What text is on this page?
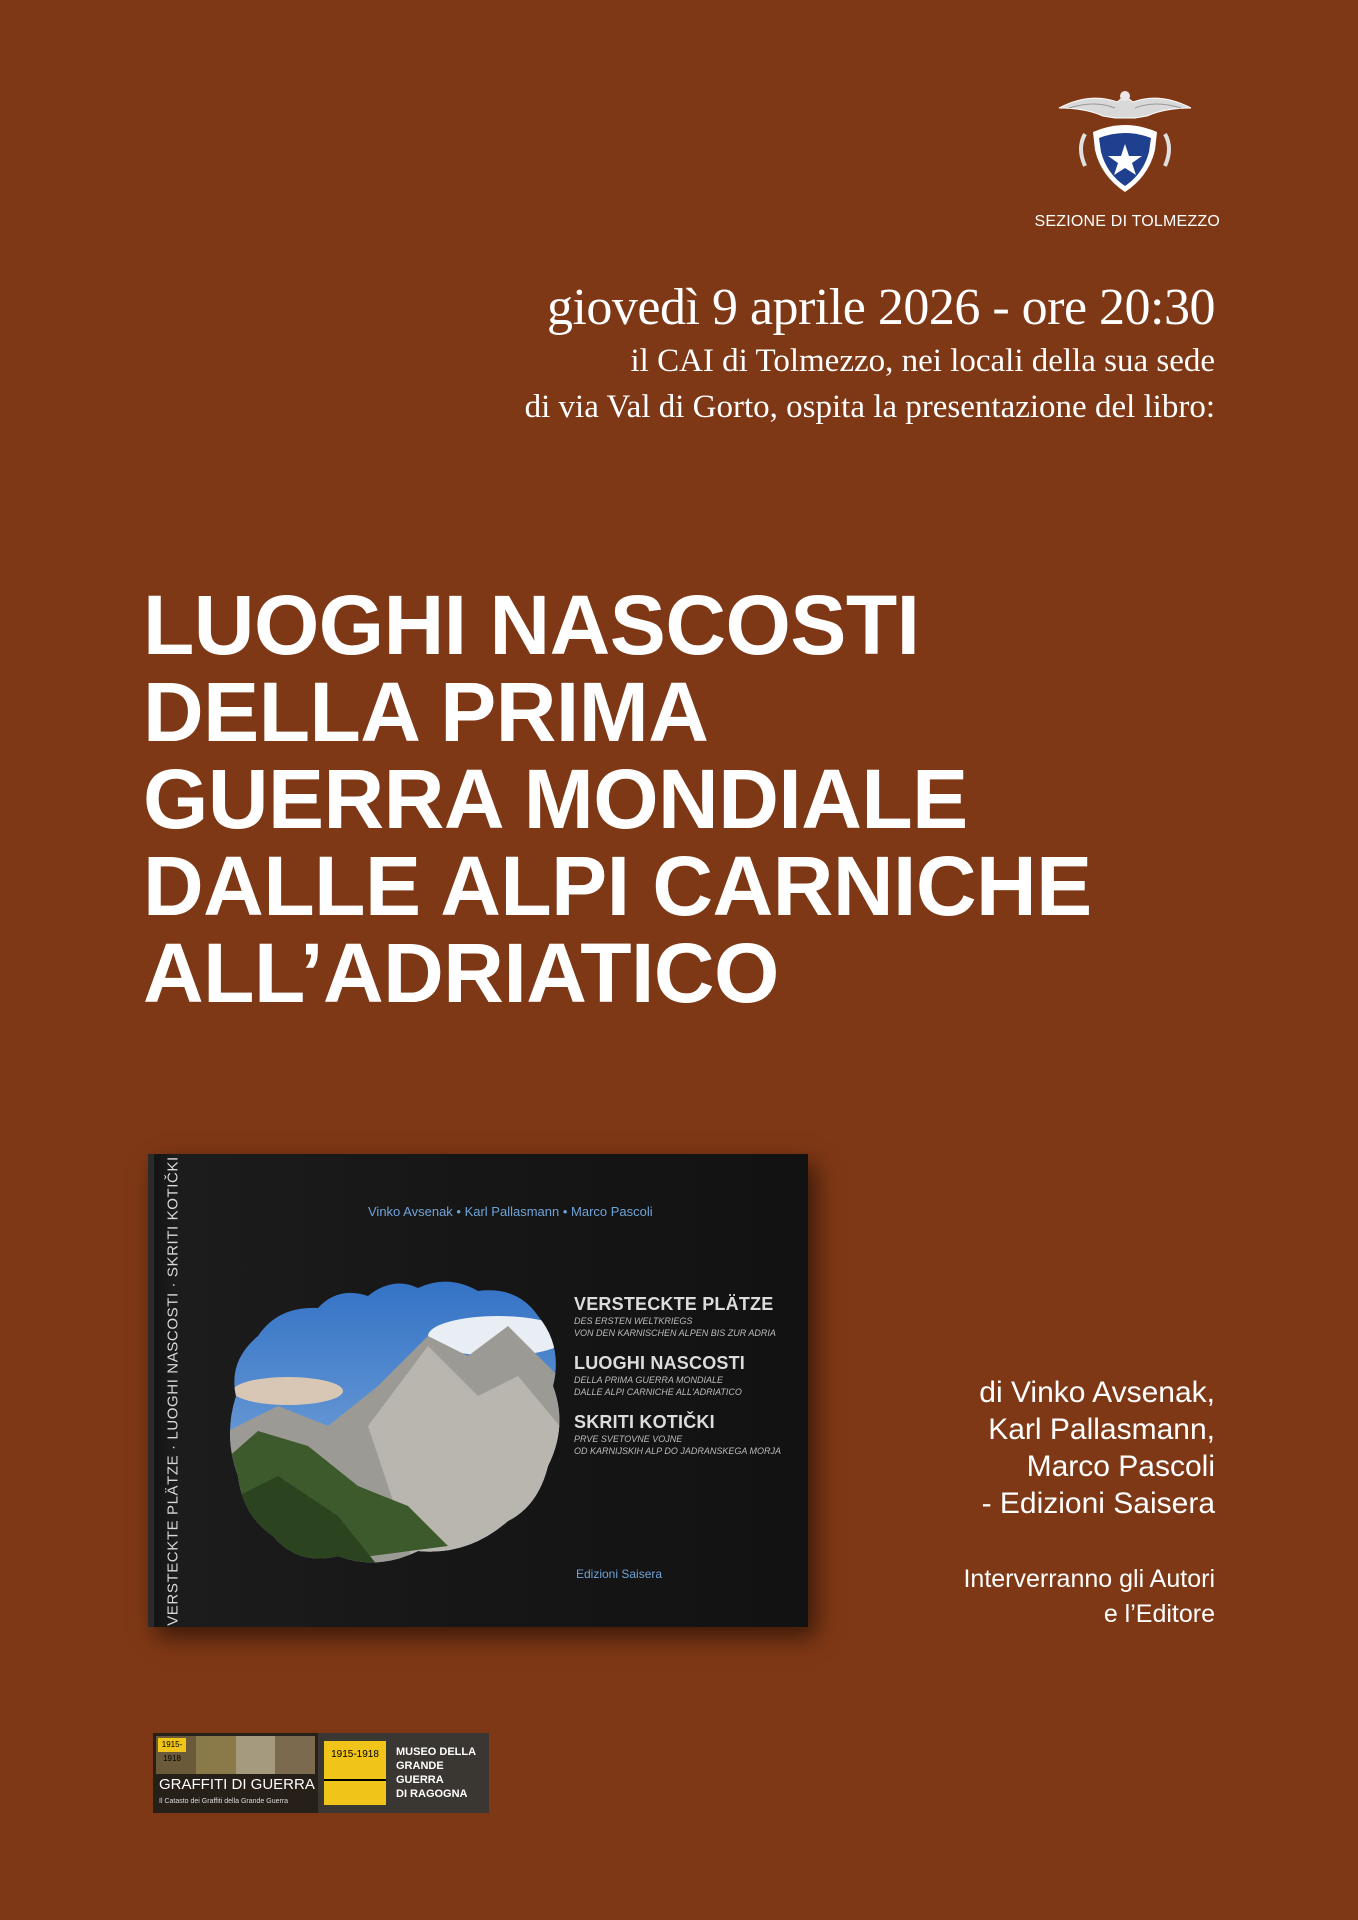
SEZIONE DI TOLMEZZO
giovedì 9 aprile 2026 - ore 20:30
il CAI di Tolmezzo, nei locali della sua sede
di via Val di Gorto, ospita la presentazione del libro:
LUOGHI NASCOSTI
DELLA PRIMA
GUERRA MONDIALE
DALLE ALPI CARNICHE
ALL’ADRIATICO
VERSTECKTE PLÄTZE · LUOGHI NASCOSTI · SKRITI KOTIČKI	Vinko Avsenak • Karl Pallasmann • Marco Pascoli
VERSTECKTE PLÄTZE
DES ERSTEN WELTKRIEGS
VON DEN KARNISCHEN ALPEN BIS ZUR ADRIA
LUOGHI NASCOSTI
DELLA PRIMA GUERRA MONDIALE
DALLE ALPI CARNICHE ALL'ADRIATICO
SKRITI KOTIČKI
PRVE SVETOVNE VOJNE
OD KARNIJSKIH ALP DO JADRANSKEGA MORJA
Edizioni Saisera
di Vinko Avsenak,
Karl Pallasmann,
Marco Pascoli
- Edizioni Saisera
Interverranno gli Autori
e l’Editore
1915-1918
GRAFFITI DI GUERRA
Il Catasto dei Graffiti della Grande Guerra
1915-1918	MUSEO DELLA
GRANDE
GUERRA
DI RAGOGNA
